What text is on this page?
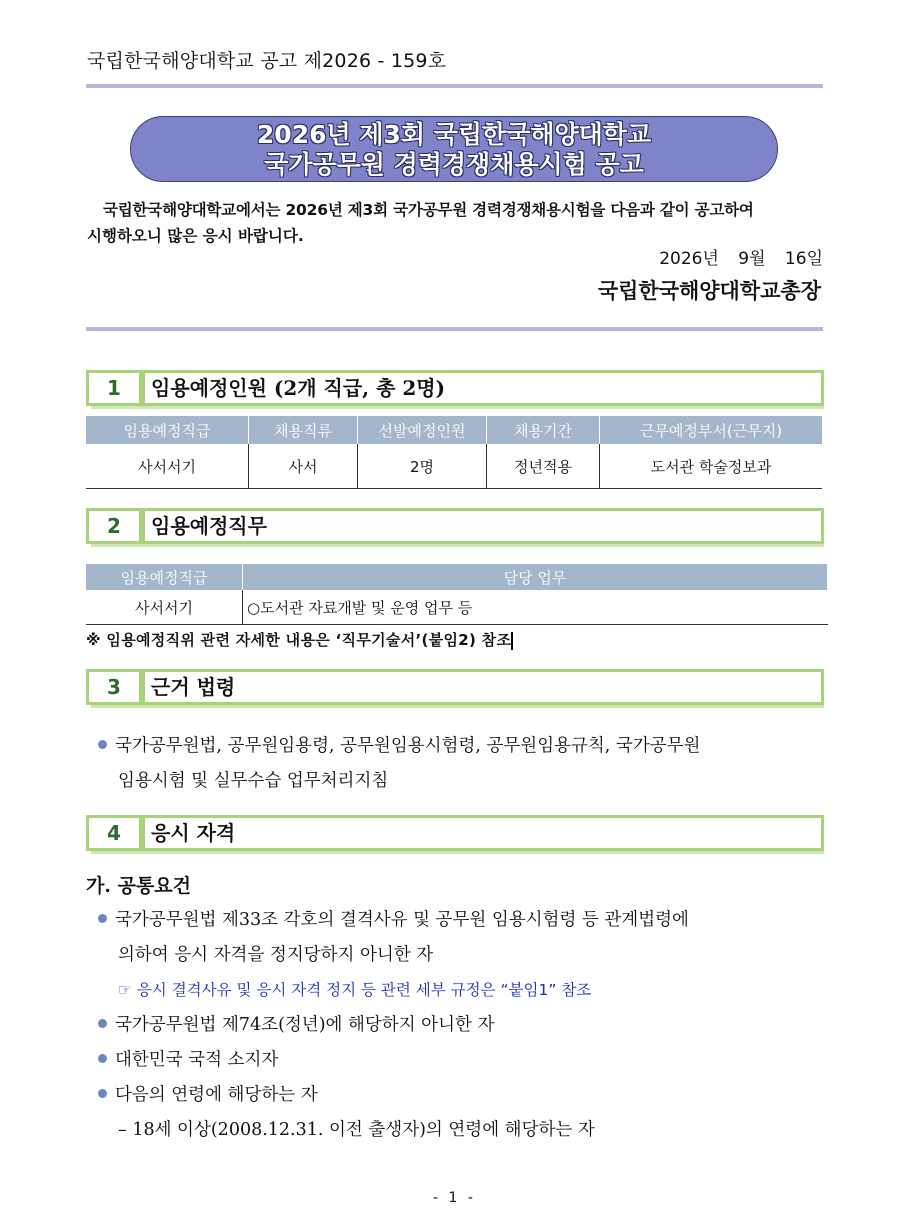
국립한국해양대학교 공고 제2026 - 159호
2026년 제3회 국립한국해양대학교
국가공무원 경력경쟁채용시험 공고
국립한국해양대학교에서는 2026년 제3회 국가공무원 경력경쟁채용시험을 다음과 같이 공고하여
시행하오니 많은 응시 바랍니다.
2026년 9월 16일
국립한국해양대학교총장
1	임용예정인원 (2개 직급, 총 2명)
임용예정직급	채용직류	선발예정인원	채용기간	근무예정부서(근무지)
사서서기	사서	2명	정년적용	도서관 학술정보과
2	임용예정직무
임용예정직급	담당 업무
사서서기	○도서관 자료개발 및 운영 업무 등
※ 임용예정직위 관련 자세한 내용은 ‘직무기술서’(붙임2) 참조
3	근거 법령
국가공무원법, 공무원임용령, 공무원임용시험령, 공무원임용규칙, 국가공무원
임용시험 및 실무수습 업무처리지침
4	응시 자격
가. 공통요건
국가공무원법 제33조 각호의 결격사유 및 공무원 임용시험령 등 관계법령에
의하여 응시 자격을 정지당하지 아니한 자
☞ 응시 결격사유 및 응시 자격 정지 등 관련 세부 규정은 “붙임1” 참조
국가공무원법 제74조(정년)에 해당하지 아니한 자
대한민국 국적 소지자
다음의 연령에 해당하는 자
– 18세 이상(2008.12.31. 이전 출생자)의 연령에 해당하는 자
- 1 -
